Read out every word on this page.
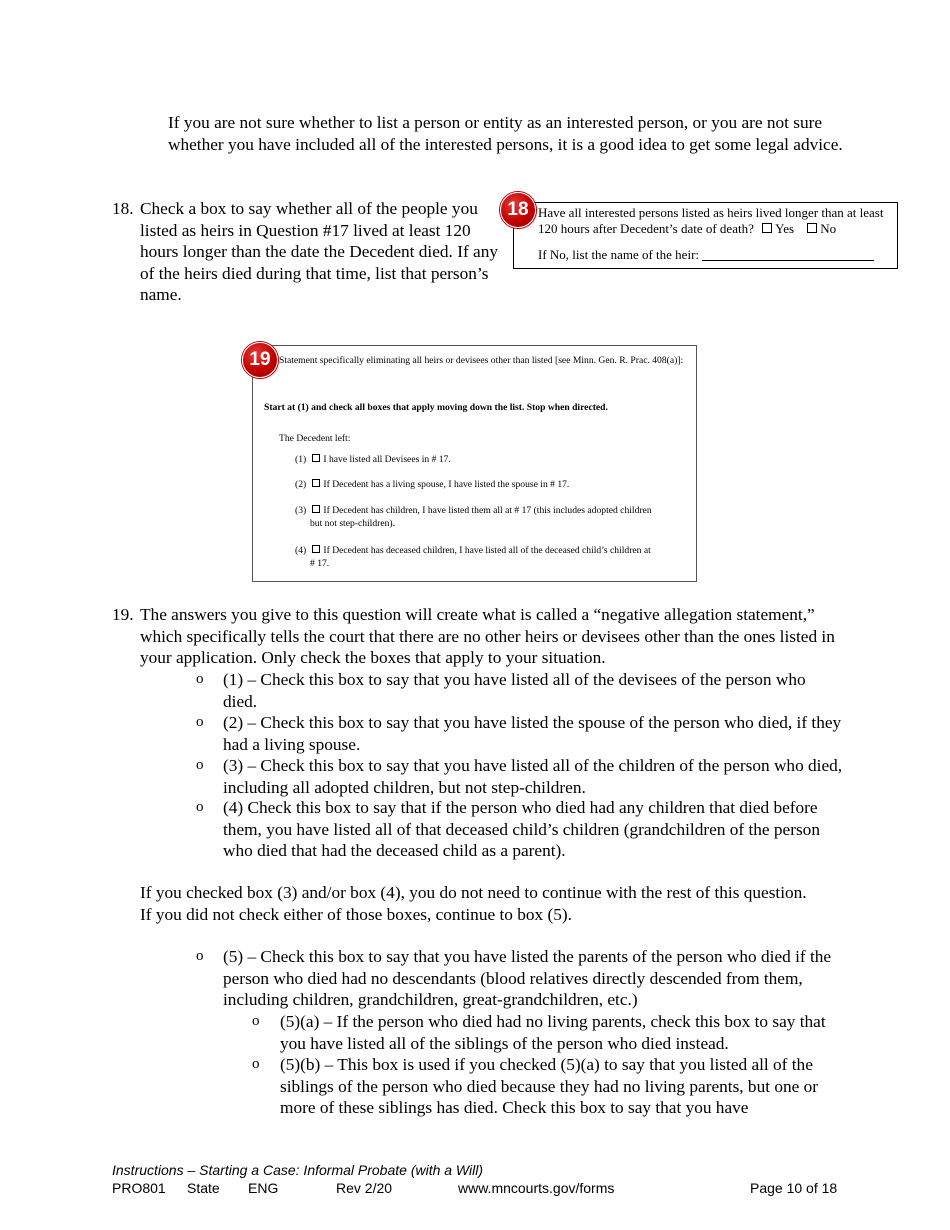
If you are not sure whether to list a person or entity as an interested person, or you are not sure whether you have included all of the interested persons, it is a good idea to get some legal advice.
18. Check a box to say whether all of the people you listed as heirs in Question #17 lived at least 120 hours longer than the date the Decedent died. If any of the heirs died during that time, list that person’s name.
Have all interested persons listed as heirs lived longer than at least 120 hours after Decedent’s date of death? Yes No
If No, list the name of the heir:
18
Statement specifically eliminating all heirs or devisees other than listed [see Minn. Gen. R. Prac. 408(a)]:
Start at (1) and check all boxes that apply moving down the list. Stop when directed.
The Decedent left:
(1) I have listed all Devisees in # 17.
(2) If Decedent has a living spouse, I have listed the spouse in # 17.
(3) If Decedent has children, I have listed them all at # 17 (this includes adopted children
but not step-children).
(4) If Decedent has deceased children, I have listed all of the deceased child’s children at
# 17.
19
19. The answers you give to this question will create what is called a “negative allegation statement,” which specifically tells the court that there are no other heirs or devisees other than the ones listed in your application. Only check the boxes that apply to your situation.
o (1) – Check this box to say that you have listed all of the devisees of the person who died.
o (2) – Check this box to say that you have listed the spouse of the person who died, if they had a living spouse.
o (3) – Check this box to say that you have listed all of the children of the person who died, including all adopted children, but not step-children.
o (4) Check this box to say that if the person who died had any children that died before them, you have listed all of that deceased child’s children (grandchildren of the person who died that had the deceased child as a parent).
If you checked box (3) and/or box (4), you do not need to continue with the rest of this question. If you did not check either of those boxes, continue to box (5).
o (5) – Check this box to say that you have listed the parents of the person who died if the person who died had no descendants (blood relatives directly descended from them, including children, grandchildren, great-grandchildren, etc.)
o (5)(a) – If the person who died had no living parents, check this box to say that you have listed all of the siblings of the person who died instead.
o (5)(b) – This box is used if you checked (5)(a) to say that you listed all of the siblings of the person who died because they had no living parents, but one or more of these siblings has died. Check this box to say that you have
Instructions – Starting a Case: Informal Probate (with a Will)
PRO801 State ENG	Rev 2/20	www.mncourts.gov/forms	Page 10 of 18
